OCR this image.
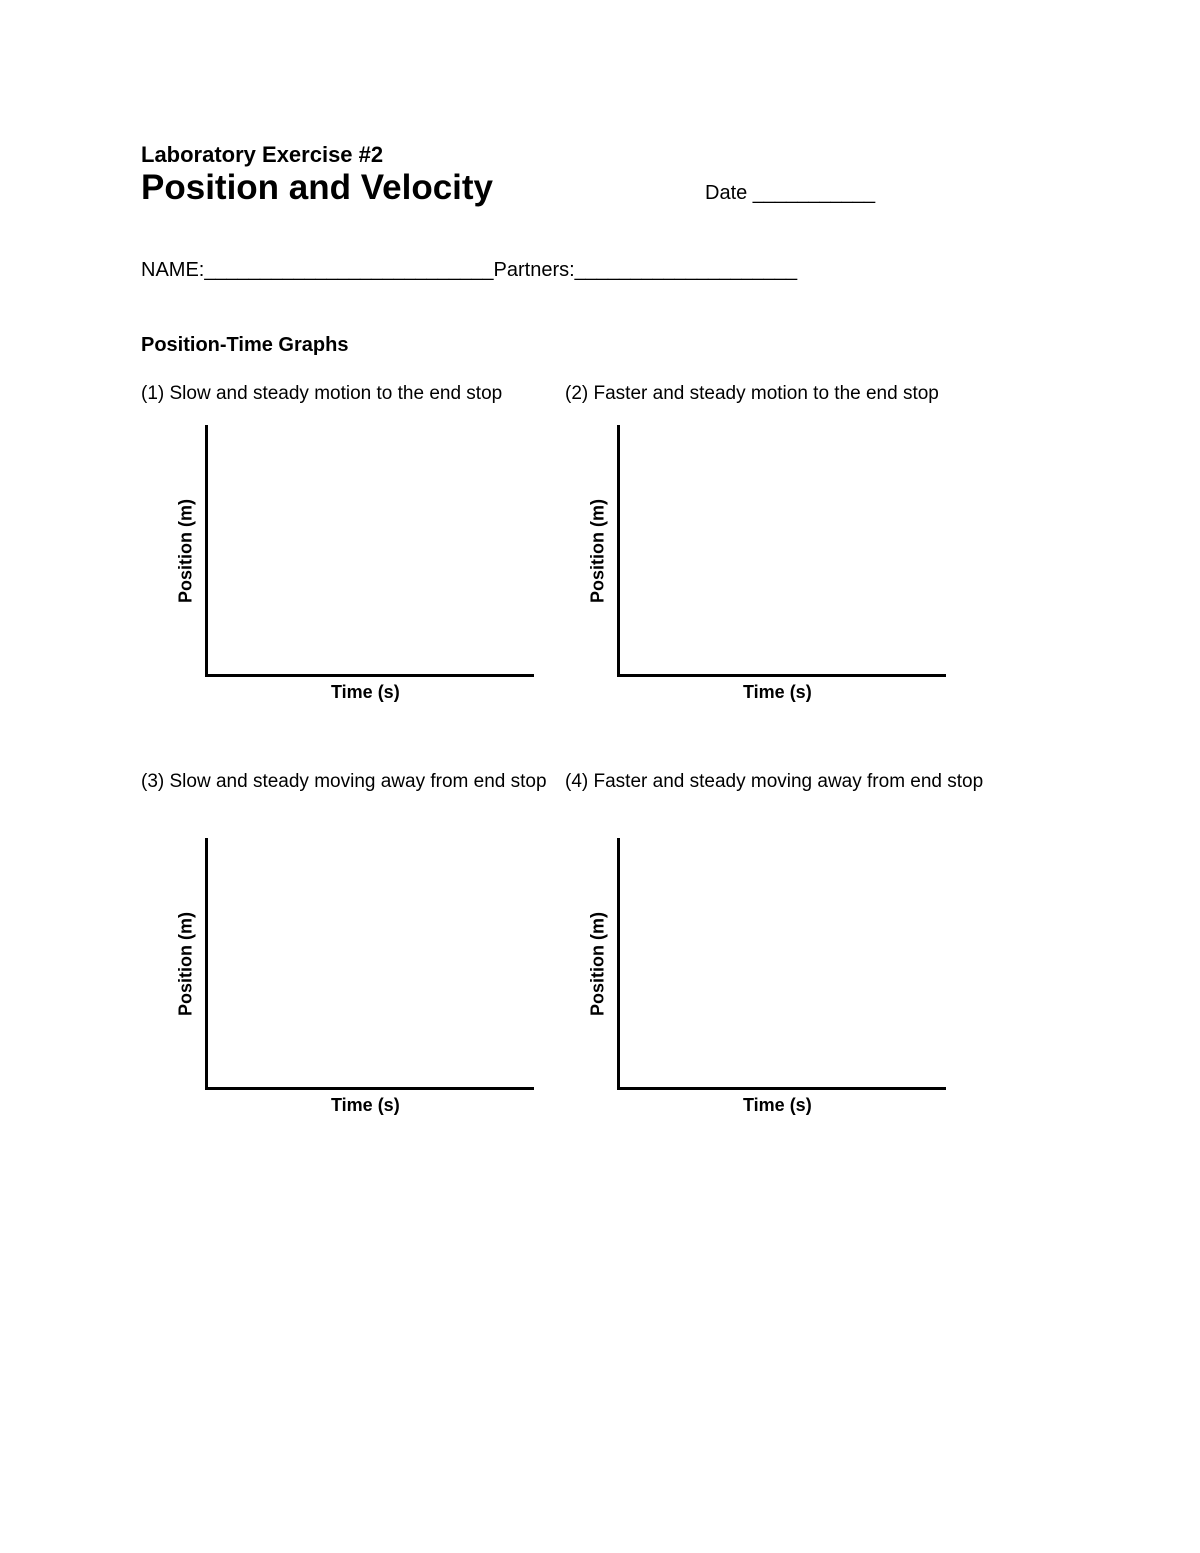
Laboratory Exercise #2
Position and Velocity	Date ___________
NAME:__________________________Partners:____________________
Position-Time Graphs
(1) Slow and steady motion to the end stop	(2) Faster and steady motion to the end stop
(3) Slow and steady moving away from end stop (4) Faster and steady moving away from end stop
Position (m)
Time (s)
Position (m)
Time (s)
Position (m)
Time (s)
Position (m)
Time (s)
